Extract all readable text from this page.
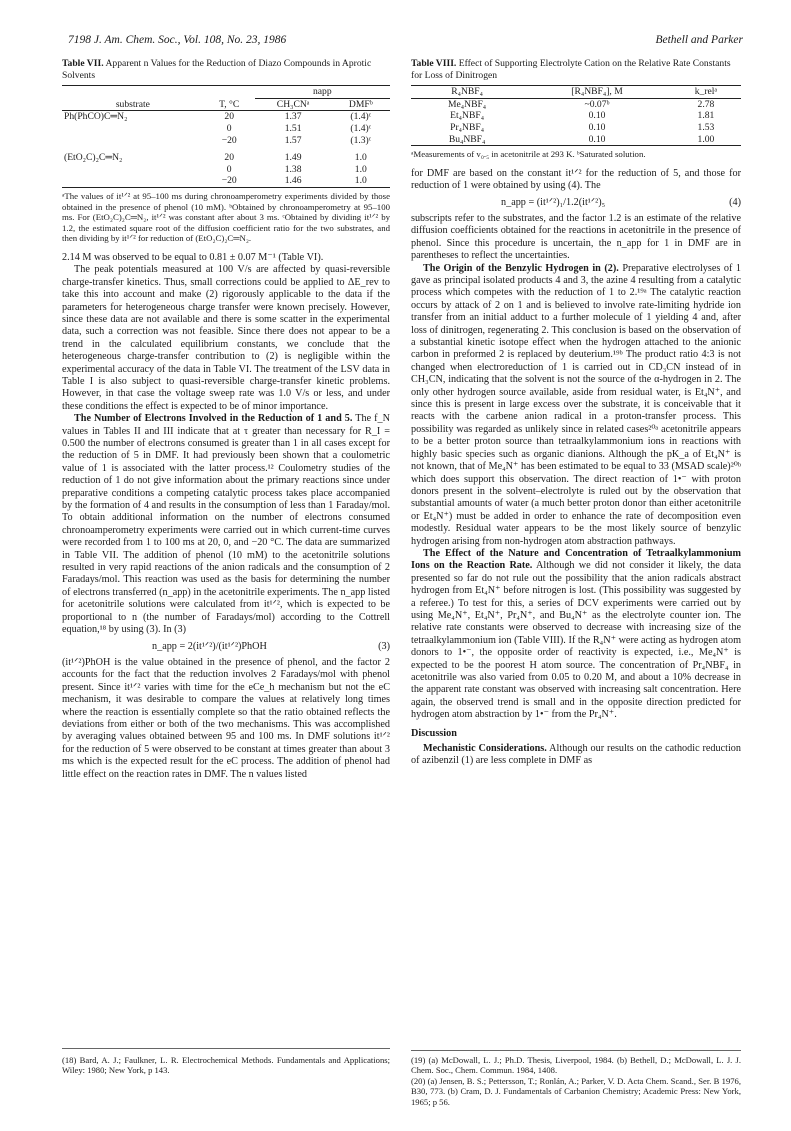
7198 J. Am. Chem. Soc., Vol. 108, No. 23, 1986	Bethell and Parker
Table VII. Apparent n Values for the Reduction of Diazo Compounds in Aprotic Solvents
		napp	
substrate	T, °C	CH₃CNᵃ	DMFᵇ
Ph(PhCO)C═N₂	20	1.37	(1.4)ᶜ
	0	1.51	(1.4)ᶜ
	−20	1.57	(1.3)ᶜ
(EtO₂C)₂C═N₂	20	1.49	1.0
	0	1.38	1.0
	−20	1.46	1.0
ᵃThe values of it¹ᐟ² at 95–100 ms during chronoamperometry experiments divided by those obtained in the presence of phenol (10 mM). ᵇObtained by chronoamperometry at 95–100 ms. For (EtO₂C)₂C═N₂, it¹ᐟ² was constant after about 3 ms. ᶜObtained by dividing it¹ᐟ² by 1.2, the estimated square root of the diffusion coefficient ratio for the two substrates, and then dividing by it¹ᐟ² for reduction of (EtO₂C)₂C═N₂.

2.14 M was observed to be equal to 0.81 ± 0.07 M⁻¹ (Table VI).

The peak potentials measured at 100 V/s are affected by quasi-reversible charge-transfer kinetics. Thus, small corrections could be applied to ΔE_rev to take this into account and make (2) rigorously applicable to the data if the parameters for heterogeneous charge transfer were known precisely. However, since these data are not available and there is some scatter in the experimental data, such a correction was not feasible. Since there does not appear to be a trend in the calculated equilibrium constants, we conclude that the heterogeneous charge-transfer contribution to (2) is negligible within the experimental accuracy of the data in Table VI. The treatment of the LSV data in Table I is also subject to quasi-reversible charge-transfer kinetic problems. However, in that case the voltage sweep rate was 1.0 V/s or less, and under these conditions the effect is expected to be of minor importance.

The Number of Electrons Involved in the Reduction of 1 and 5. The f_N values in Tables II and III indicate that at τ greater than necessary for R_I = 0.500 the number of electrons consumed is greater than 1 in all cases except for the reduction of 5 in DMF. It had previously been shown that a coulometric value of 1 is associated with the latter process.¹² Coulometry studies of the reduction of 1 do not give information about the primary reactions since under preparative conditions a competing catalytic process takes place accompanied by the formation of 4 and results in the consumption of less than 1 Faraday/mol. To obtain additional information on the number of electrons consumed chronoamperometry experiments were carried out in which current-time curves were recorded from 1 to 100 ms at 20, 0, and −20 °C. The data are summarized in Table VII. The addition of phenol (10 mM) to the acetonitrile solutions resulted in very rapid reactions of the anion radicals and the consumption of 2 Faradays/mol. This reaction was used as the basis for determining the number of electrons transferred (n_app) in the acetonitrile experiments. The n_app listed for acetonitrile solutions were calculated from it¹ᐟ², which is expected to be proportional to n (the number of Faradays/mol) according to the Cottrell equation,¹⁸ by using (3). In (3)

n_app = 2(it¹ᐟ²)/(it¹ᐟ²)PhOH	(3)

(it¹ᐟ²)PhOH is the value obtained in the presence of phenol, and the factor 2 accounts for the fact that the reduction involves 2 Faradays/mol with phenol present. Since it¹ᐟ² varies with time for the eCe_h mechanism but not the eC mechanism, it was desirable to compare the values at relatively long times where the reaction is essentially complete so that the ratio obtained reflects the deviations from either or both of the two mechanisms. This was accomplished by averaging values obtained between 95 and 100 ms. In DMF solutions it¹ᐟ² for the reduction of 5 were observed to be constant at times greater than about 3 ms which is the expected result for the eC process. The addition of phenol had little effect on the reaction rates in DMF. The n values listed

Table VIII. Effect of Supporting Electrolyte Cation on the Relative Rate Constants for Loss of Dinitrogen
R₄NBF₄	[R₄NBF₄], M	k_relᵃ
Me₄NBF₄	~0.07ᵇ	2.78
Et₄NBF₄	0.10	1.81
Pr₄NBF₄	0.10	1.53
Bu₄NBF₄	0.10	1.00
ᵃMeasurements of v₀.₅ in acetonitrile at 293 K. ᵇSaturated solution.

for DMF are based on the constant it¹ᐟ² for the reduction of 5, and those for reduction of 1 were obtained by using (4). The

n_app = (it¹ᐟ²)₁/1.2(it¹ᐟ²)₅	(4)

subscripts refer to the substrates, and the factor 1.2 is an estimate of the relative diffusion coefficients obtained for the reactions in acetonitrile in the presence of phenol. Since this procedure is uncertain, the n_app for 1 in DMF are in parentheses to reflect the uncertainties.

The Origin of the Benzylic Hydrogen in (2). Preparative electrolyses of 1 gave as principal isolated products 4 and 3, the azine 4 resulting from a catalytic process which competes with the reduction of 1 to 2.¹⁹ᵃ The catalytic reaction occurs by attack of 2 on 1 and is believed to involve rate-limiting hydride ion transfer from an initial adduct to a further molecule of 1 yielding 4 and, after loss of dinitrogen, regenerating 2. This conclusion is based on the observation of a substantial kinetic isotope effect when the hydrogen attached to the anionic carbon in preformed 2 is replaced by deuterium.¹⁹ᵇ The product ratio 4:3 is not changed when electroreduction of 1 is carried out in CD₃CN instead of in CH₃CN, indicating that the solvent is not the source of the α-hydrogen in 2. The only other hydrogen source available, aside from residual water, is Et₄N⁺, and since this is present in large excess over the substrate, it is conceivable that it reacts with the carbene anion radical in a proton-transfer process. This possibility was regarded as unlikely since in related cases²⁰ᵃ acetonitrile appears to be a better proton source than tetraalkylammonium ions in reactions with highly basic species such as organic dianions. Although the pK_a of Et₄N⁺ is not known, that of Me₄N⁺ has been estimated to be equal to 33 (MSAD scale)²⁰ᵇ which does support this observation. The direct reaction of 1•⁻ with proton donors present in the solvent–electrolyte is ruled out by the observation that substantial amounts of water (a much better proton donor than either acetonitrile or Et₄N⁺) must be added in order to enhance the rate of decomposition even modestly. Residual water appears to be the most likely source of benzylic hydrogen arising from non-hydrogen atom abstraction pathways.

The Effect of the Nature and Concentration of Tetraalkylammonium Ions on the Reaction Rate. Although we did not consider it likely, the data presented so far do not rule out the possibility that the anion radicals abstract hydrogen from Et₄N⁺ before nitrogen is lost. (This possibility was suggested by a referee.) To test for this, a series of DCV experiments were carried out by using Me₄N⁺, Et₄N⁺, Pr₄N⁺, and Bu₄N⁺ as the electrolyte counter ion. The relative rate constants were observed to decrease with increasing size of the tetraalkylammonium ion (Table VIII). If the R₄N⁺ were acting as hydrogen atom donors to 1•⁻, the opposite order of reactivity is expected, i.e., Me₄N⁺ is expected to be the poorest H atom source. The concentration of Pr₄NBF₄ in acetonitrile was also varied from 0.05 to 0.20 M, and about a 10% decrease in the apparent rate constant was observed with increasing salt concentration. Here again, the observed trend is small and in the opposite direction predicted for hydrogen atom abstraction by 1•⁻ from the Pr₄N⁺.

Discussion

Mechanistic Considerations. Although our results on the cathodic reduction of azibenzil (1) are less complete in DMF as

(18) Bard, A. J.; Faulkner, L. R. Electrochemical Methods. Fundamentals and Applications; Wiley: 1980; New York, p 143.

(19) (a) McDowall, L. J.; Ph.D. Thesis, Liverpool, 1984. (b) Bethell, D.; McDowall, L. J. J. Chem. Soc., Chem. Commun. 1984, 1408.

(20) (a) Jensen, B. S.; Pettersson, T.; Ronlán, A.; Parker, V. D. Acta Chem. Scand., Ser. B 1976, B30, 773. (b) Cram, D. J. Fundamentals of Carbanion Chemistry; Academic Press: New York, 1965; p 56.
